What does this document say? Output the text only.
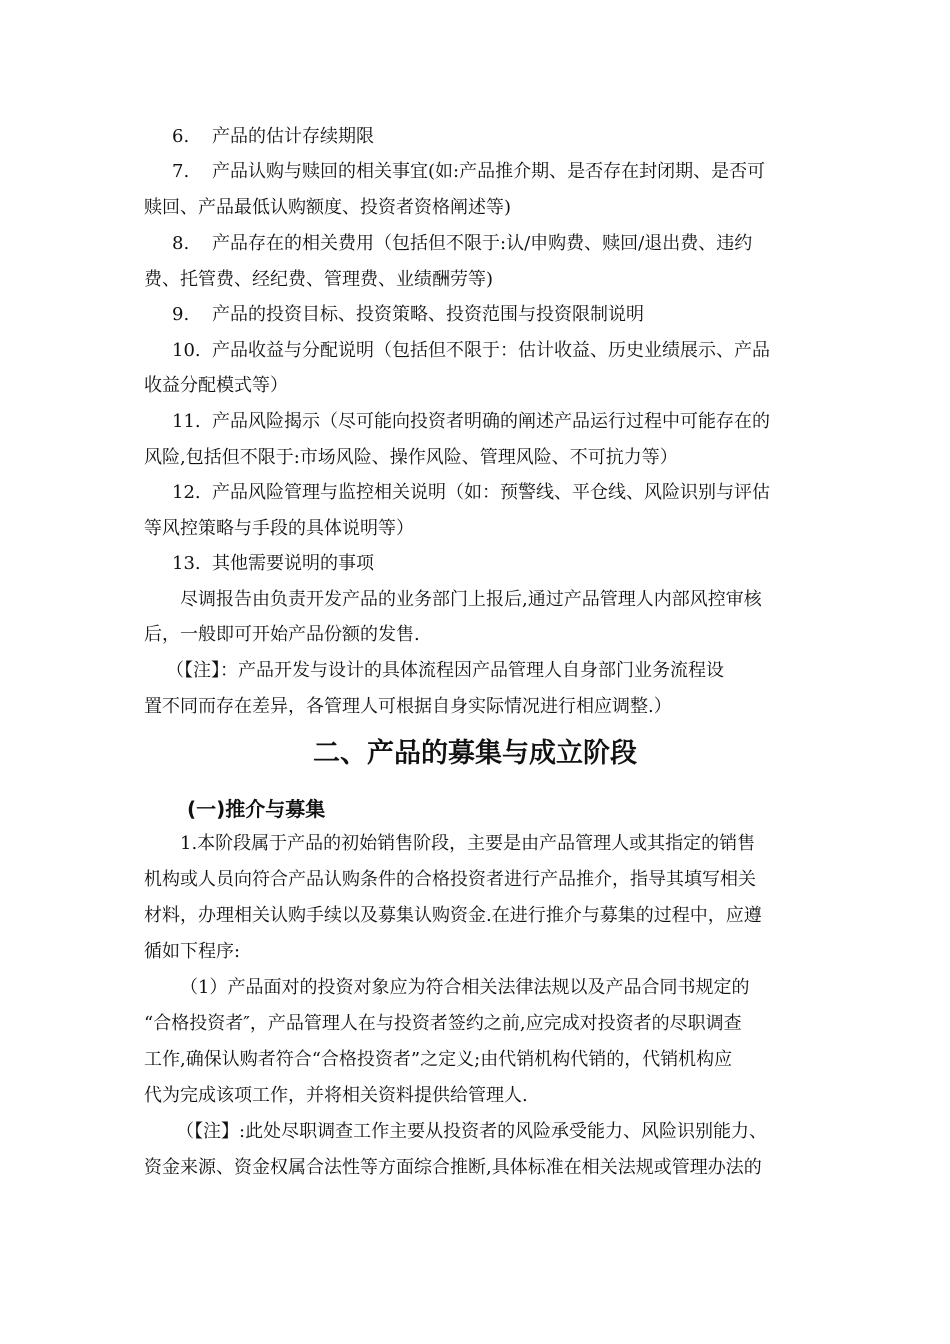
6. 产品的估计存续期限
7. 产品认购与赎回的相关事宜(如:产品推介期、是否存在封闭期、是否可
赎回、产品最低认购额度、投资者资格阐述等)
8. 产品存在的相关费用（包括但不限于:认/申购费、赎回/退出费、违约
费、托管费、经纪费、管理费、业绩酬劳等)
9. 产品的投资目标、投资策略、投资范围与投资限制说明
10. 产品收益与分配说明（包括但不限于：估计收益、历史业绩展示、产品
收益分配模式等）
11. 产品风险揭示（尽可能向投资者明确的阐述产品运行过程中可能存在的
风险,包括但不限于:市场风险、操作风险、管理风险、不可抗力等）
12. 产品风险管理与监控相关说明（如：预警线、平仓线、风险识别与评估
等风控策略与手段的具体说明等）
13. 其他需要说明的事项
尽调报告由负责开发产品的业务部门上报后,通过产品管理人内部风控审核
后，一般即可开始产品份额的发售.
（【注】：产品开发与设计的具体流程因产品管理人自身部门业务流程设
置不同而存在差异，各管理人可根据自身实际情况进行相应调整.）
二、产品的募集与成立阶段
(一)推介与募集
1.本阶段属于产品的初始销售阶段，主要是由产品管理人或其指定的销售
机构或人员向符合产品认购条件的合格投资者进行产品推介，指导其填写相关
材料，办理相关认购手续以及募集认购资金.在进行推介与募集的过程中，应遵
循如下程序:
（1）产品面对的投资对象应为符合相关法律法规以及产品合同书规定的
“合格投资者″，产品管理人在与投资者签约之前,应完成对投资者的尽职调查
工作,确保认购者符合“合格投资者”之定义;由代销机构代销的，代销机构应
代为完成该项工作，并将相关资料提供给管理人.
（【注】:此处尽职调查工作主要从投资者的风险承受能力、风险识别能力、
资金来源、资金权属合法性等方面综合推断,具体标准在相关法规或管理办法的
